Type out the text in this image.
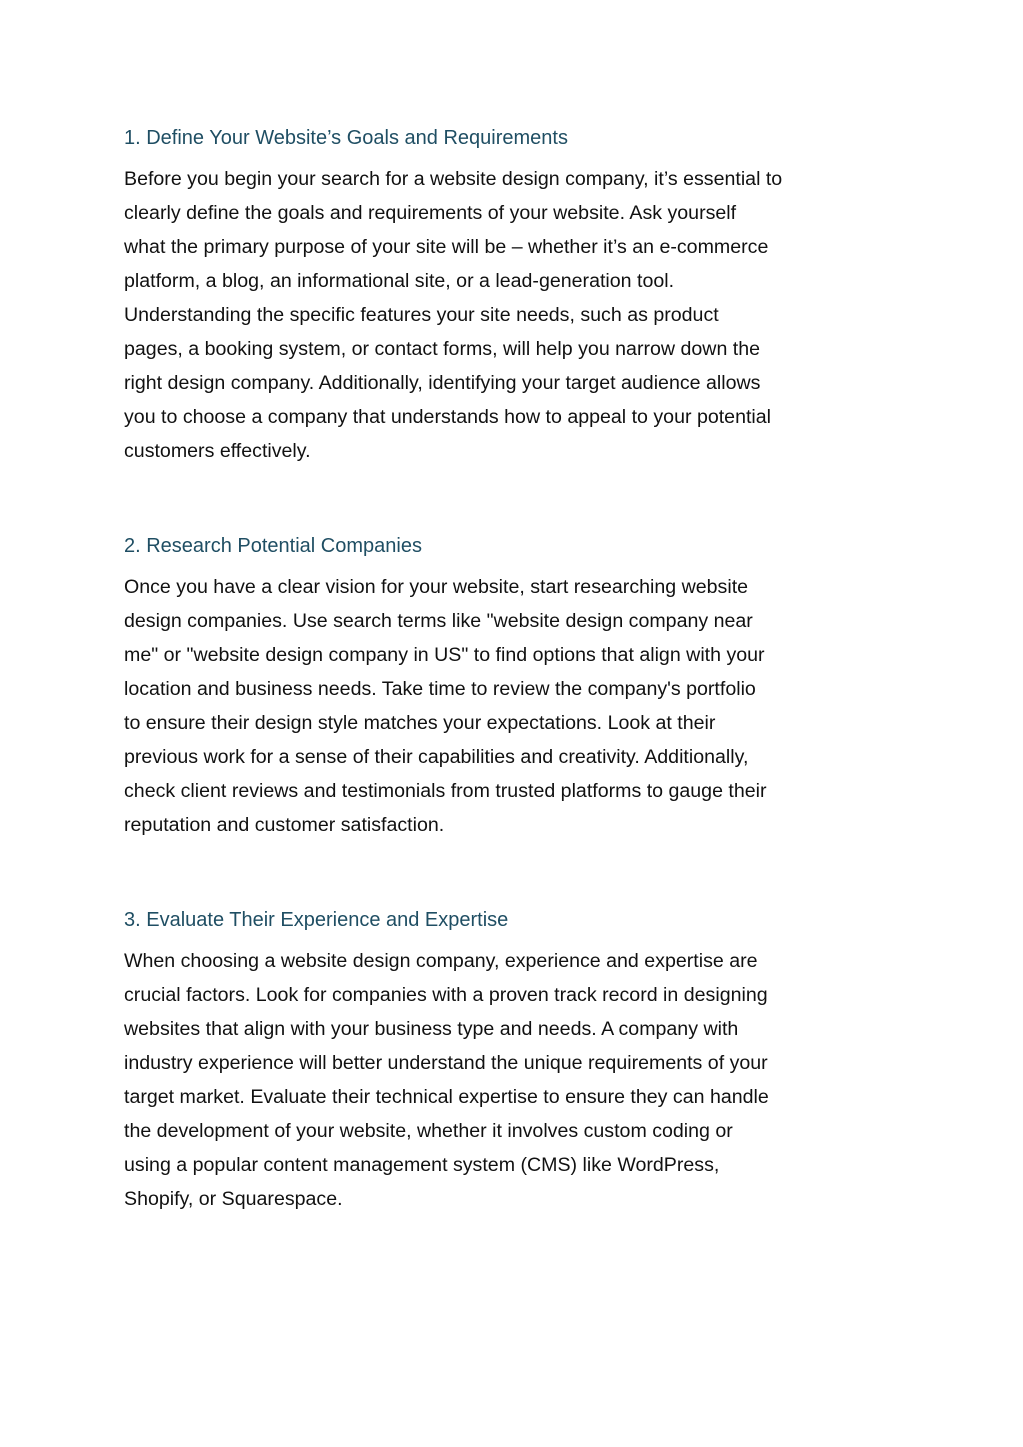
1. Define Your Website’s Goals and Requirements

Before you begin your search for a website design company, it’s essential to
clearly define the goals and requirements of your website. Ask yourself
what the primary purpose of your site will be – whether it’s an e-commerce
platform, a blog, an informational site, or a lead-generation tool.
Understanding the specific features your site needs, such as product
pages, a booking system, or contact forms, will help you narrow down the
right design company. Additionally, identifying your target audience allows
you to choose a company that understands how to appeal to your potential
customers effectively.

2. Research Potential Companies

Once you have a clear vision for your website, start researching website
design companies. Use search terms like "website design company near
me" or "website design company in US" to find options that align with your
location and business needs. Take time to review the company's portfolio
to ensure their design style matches your expectations. Look at their
previous work for a sense of their capabilities and creativity. Additionally,
check client reviews and testimonials from trusted platforms to gauge their
reputation and customer satisfaction.

3. Evaluate Their Experience and Expertise

When choosing a website design company, experience and expertise are
crucial factors. Look for companies with a proven track record in designing
websites that align with your business type and needs. A company with
industry experience will better understand the unique requirements of your
target market. Evaluate their technical expertise to ensure they can handle
the development of your website, whether it involves custom coding or
using a popular content management system (CMS) like WordPress,
Shopify, or Squarespace.
